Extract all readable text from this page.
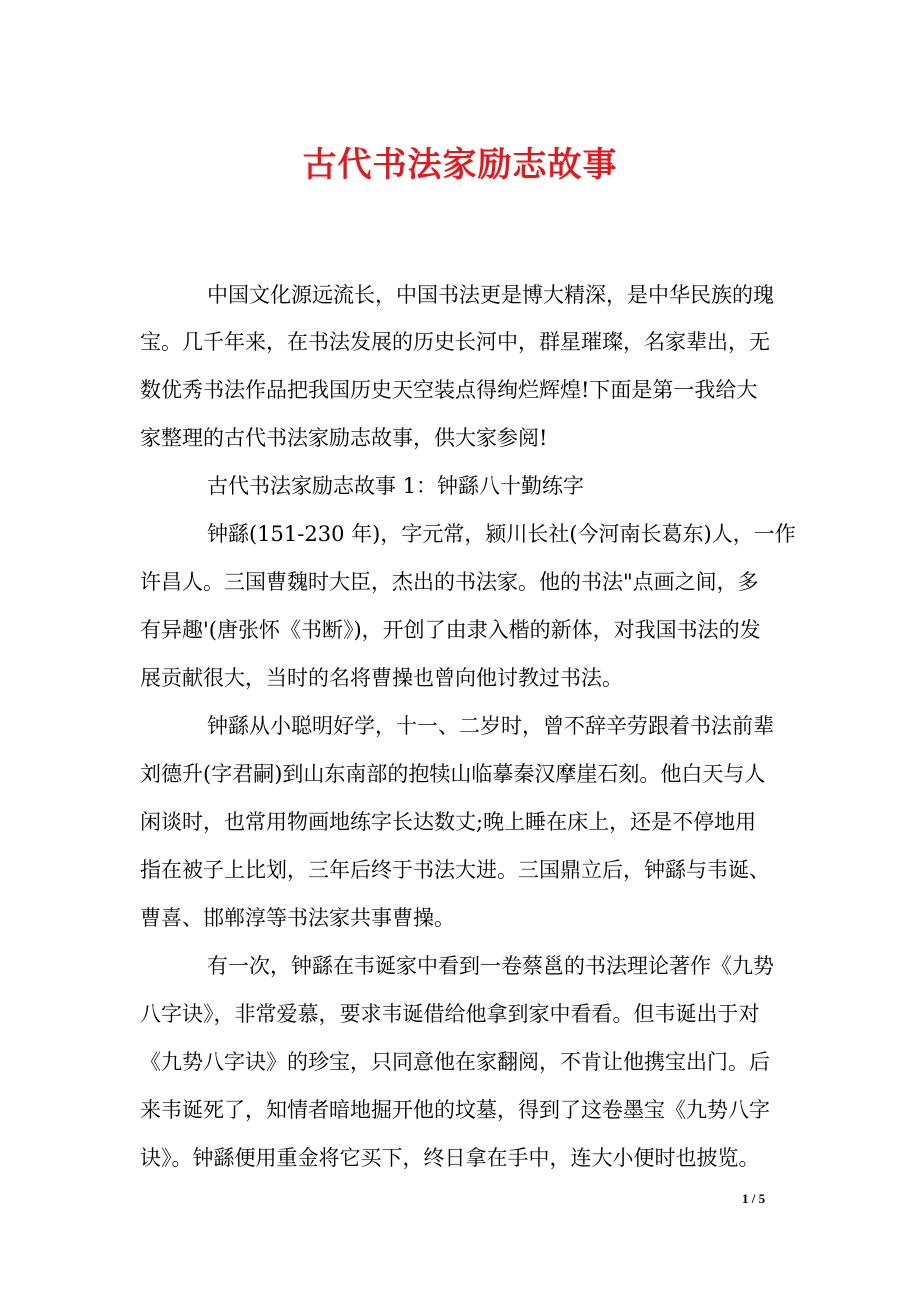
古代书法家励志故事

中国文化源远流长，中国书法更是博大精深，是中华民族的瑰

宝。几千年来，在书法发展的历史长河中，群星璀璨，名家辈出，无

数优秀书法作品把我国历史天空装点得绚烂辉煌!下面是第一我给大

家整理的古代书法家励志故事，供大家参阅!

古代书法家励志故事 1：钟繇八十勤练字

钟繇(151-230 年)，字元常，颍川长社(今河南长葛东)人，一作

许昌人。三国曹魏时大臣，杰出的书法家。他的书法"点画之间，多

有异趣'(唐张怀《书断》)，开创了由隶入楷的新体，对我国书法的发

展贡献很大，当时的名将曹操也曾向他讨教过书法。

钟繇从小聪明好学，十一、二岁时，曾不辞辛劳跟着书法前辈

刘德升(字君嗣)到山东南部的抱犊山临摹秦汉摩崖石刻。他白天与人

闲谈时，也常用物画地练字长达数丈;晚上睡在床上，还是不停地用

指在被子上比划，三年后终于书法大进。三国鼎立后，钟繇与韦诞、

曹喜、邯郸淳等书法家共事曹操。

有一次，钟繇在韦诞家中看到一卷蔡邕的书法理论著作《九势

八字诀》，非常爱慕，要求韦诞借给他拿到家中看看。但韦诞出于对

《九势八字诀》的珍宝，只同意他在家翻阅，不肯让他携宝出门。后

来韦诞死了，知情者暗地掘开他的坟墓，得到了这卷墨宝《九势八字

诀》。钟繇便用重金将它买下，终日拿在手中，连大小便时也披览。

1 / 5
